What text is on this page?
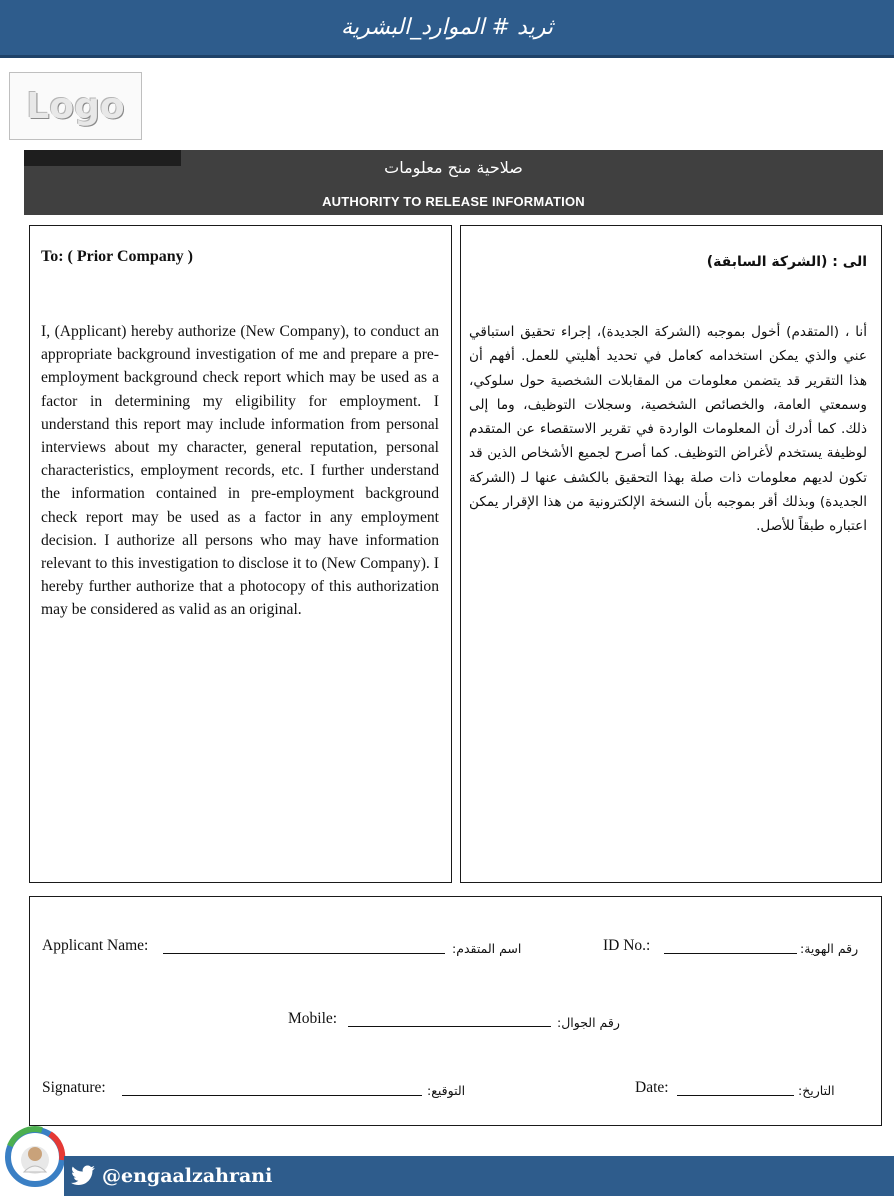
ثريد # الموارد_البشرية
Logo
صلاحية منح معلومات
AUTHORITY TO RELEASE INFORMATION
To: ( Prior Company )
I, (Applicant) hereby authorize (New Company), to conduct an appropriate background investigation of me and prepare a pre-employment background check report which may be used as a factor in determining my eligibility for employment. I understand this report may include information from personal interviews about my character, general reputation, personal characteristics, employment records, etc. I further understand the information contained in pre-employment background check report may be used as a factor in any employment decision. I authorize all persons who may have information relevant to this investigation to disclose it to (New Company). I hereby further authorize that a photocopy of this authorization may be considered as valid as an original.
الى : (الشركة السابقة)
أنا ، (المتقدم) أخول بموجبه (الشركة الجديدة)، إجراء تحقيق استباقي عني والذي يمكن استخدامه كعامل في تحديد أهليتي للعمل. أفهم أن هذا التقرير قد يتضمن معلومات من المقابلات الشخصية حول سلوكي، وسمعتي العامة، والخصائص الشخصية، وسجلات التوظيف، وما إلى ذلك. كما أدرك أن المعلومات الواردة في تقرير الاستقصاء عن المتقدم لوظيفة يستخدم لأغراض التوظيف. كما أصرح لجميع الأشخاص الذين قد تكون لديهم معلومات ذات صلة بهذا التحقيق بالكشف عنها لـ (الشركة الجديدة) وبذلك أقر بموجبه بأن النسخة الإلكترونية من هذا الإقرار يمكن اعتباره طبقاً للأصل.
Applicant Name:	اسم المتقدم:	ID No.:	رقم الهوية:
Mobile:	رقم الجوال:
Signature:	التوقيع:	Date:	التاريخ:
@engaalzahrani
